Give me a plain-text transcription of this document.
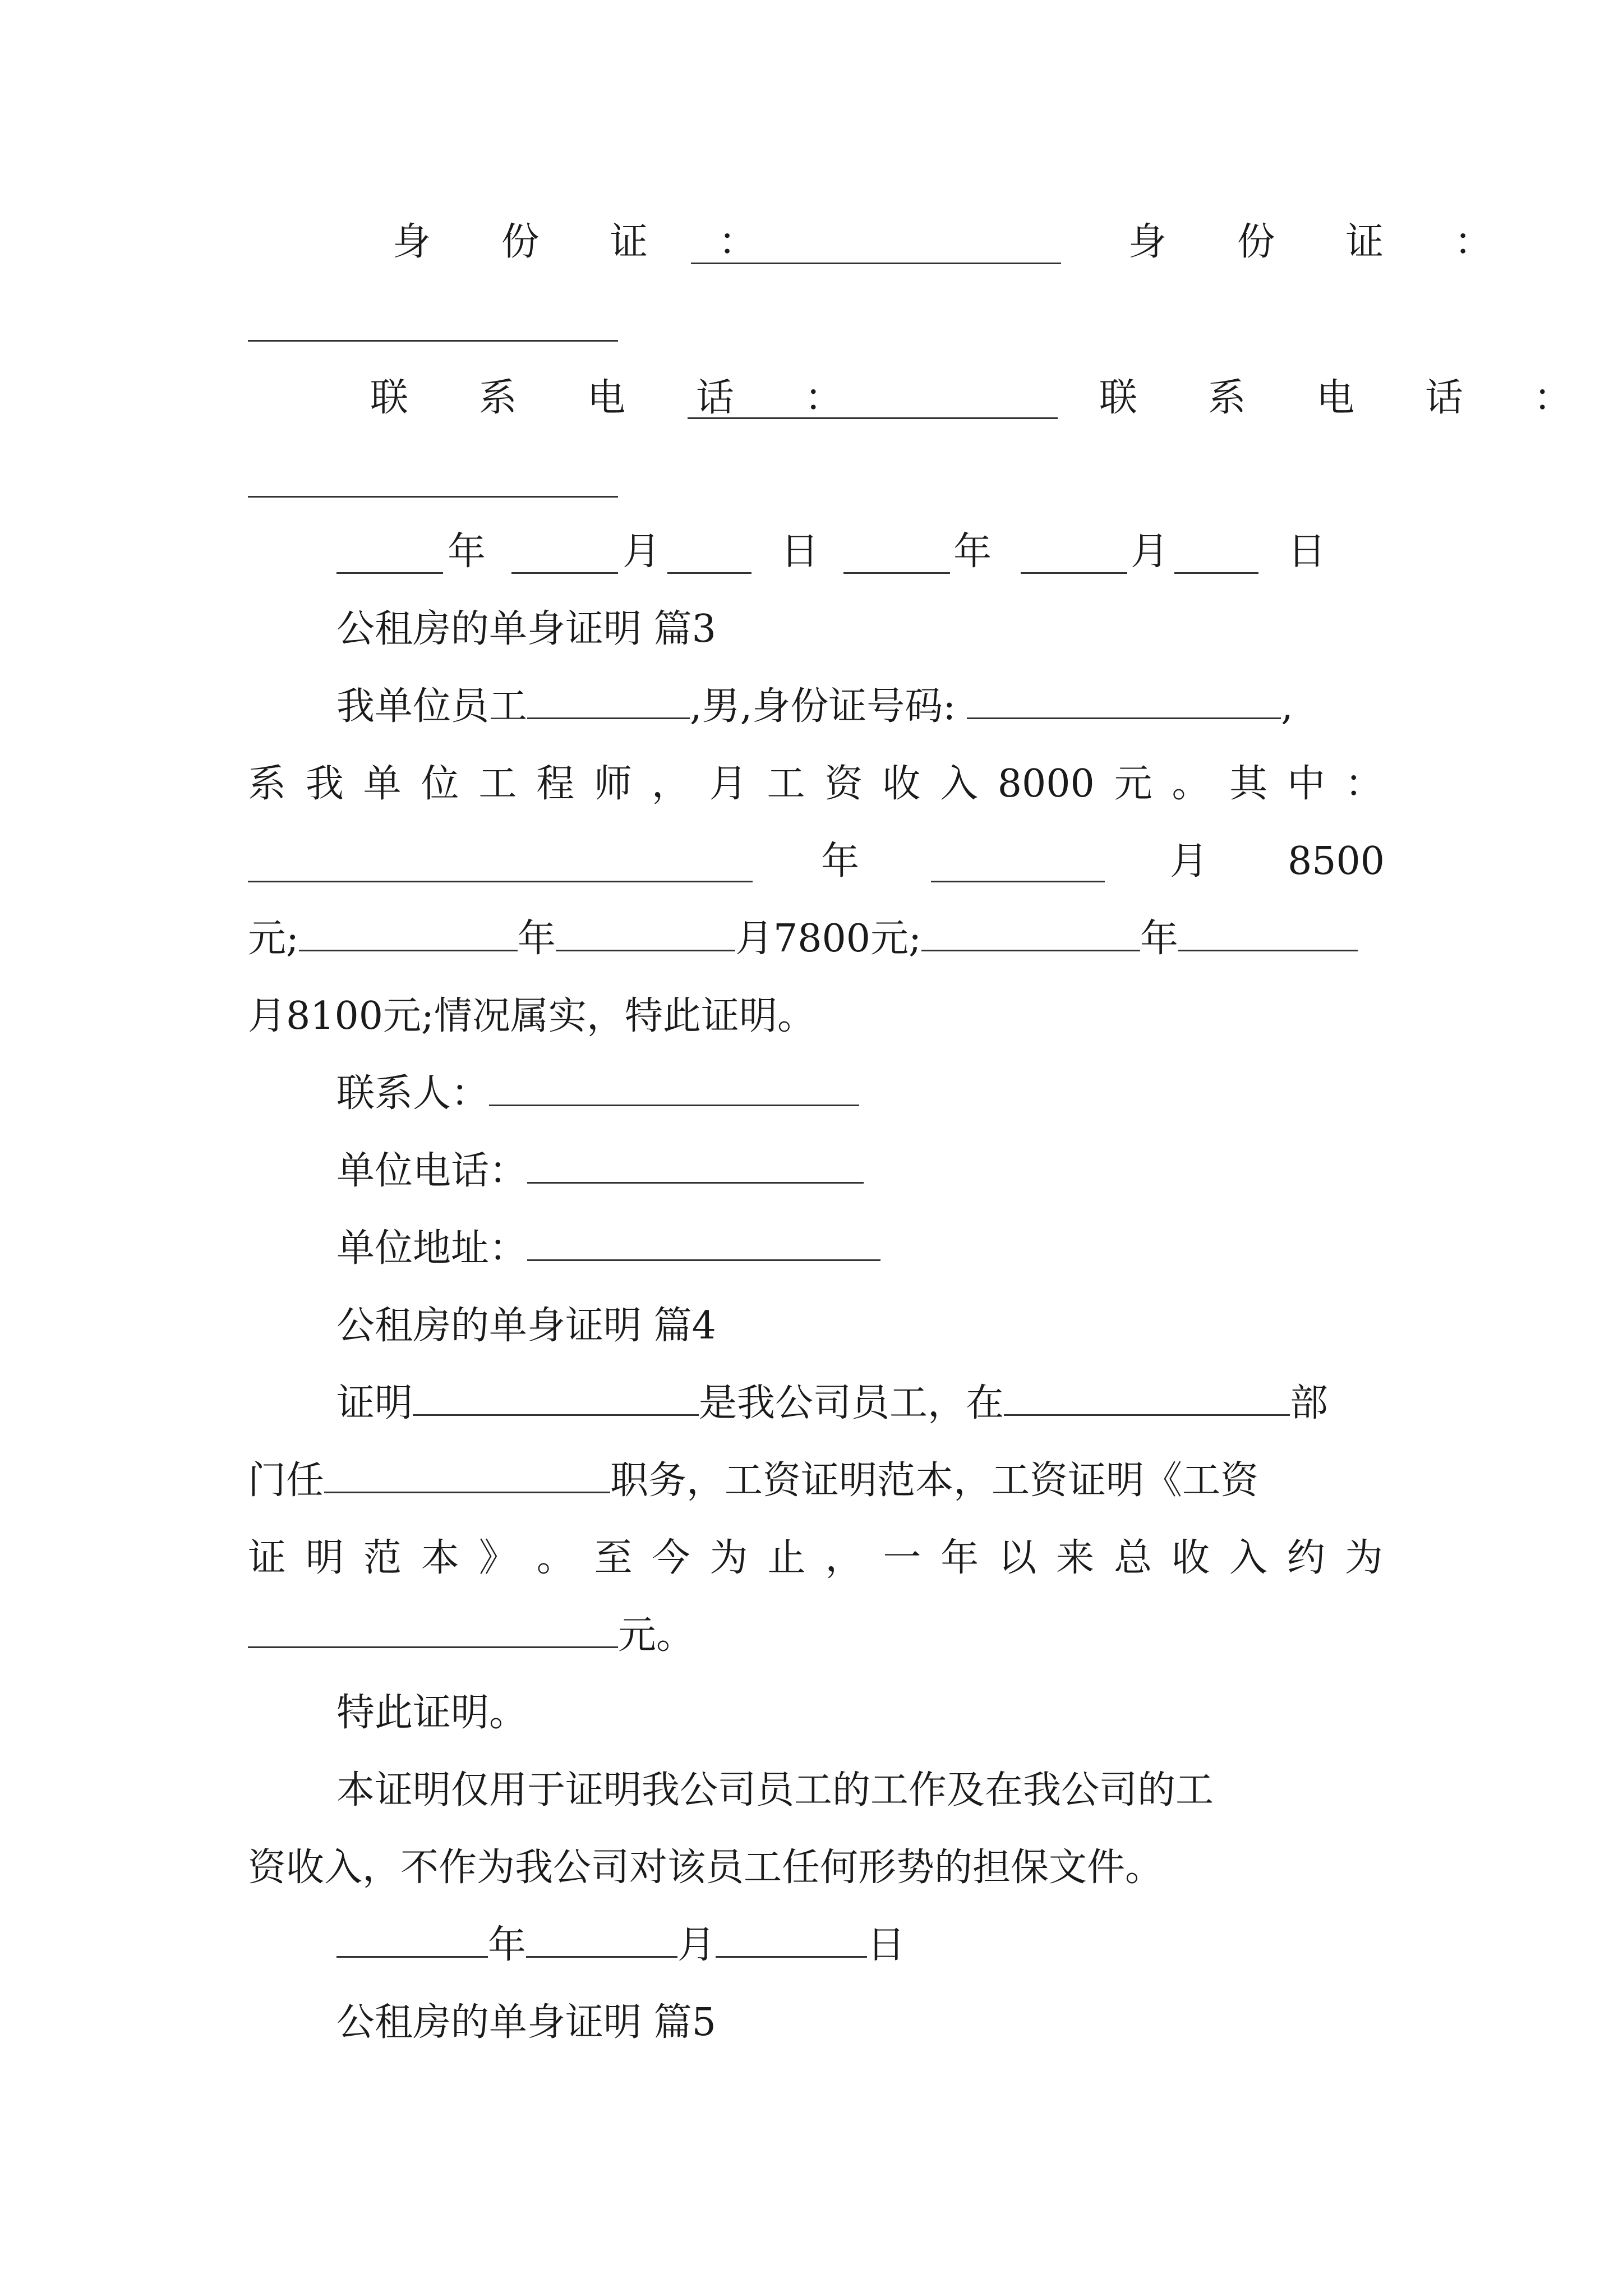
身 份 证 ：	身 份 证 ：
联 系 电 话 ：	联 系 电 话 ：
年	月	日	年	月	日
公租房的单身证明 篇3
我单位员工	,男,身份证号码:	,
系 我 单 位 工 程 师 ， 月 工 资 收 入 8000 元 。 其 中 ：
年	月 8500
元;	年	月7800元;	年
月8100元;情况属实，特此证明。
联系人：
单位电话：
单位地址：
公租房的单身证明 篇4
证明	是我公司员工，在	部
门任	职务，工资证明范本，工资证明《工资
证 明 范 本 》 。 至 今 为 止 ， 一 年 以 来 总 收 入 约 为
元。
特此证明。
本证明仅用于证明我公司员工的工作及在我公司的工
资收入，不作为我公司对该员工任何形势的担保文件。
年	月	日
公租房的单身证明 篇5
